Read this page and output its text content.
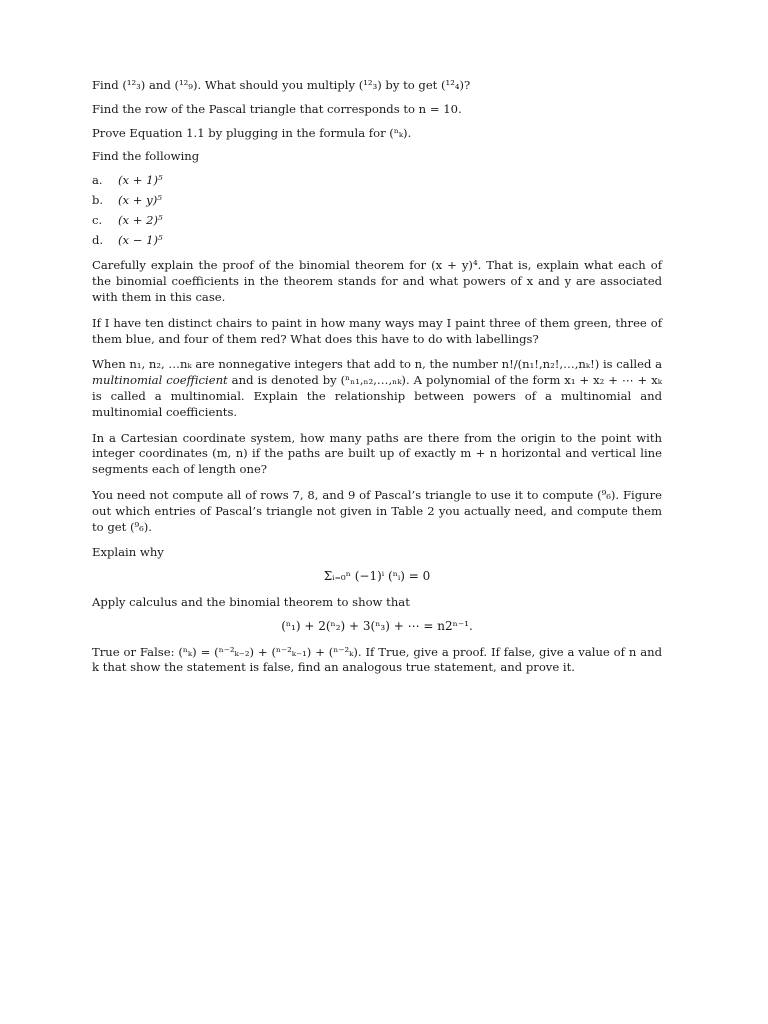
Find (¹²₃) and (¹²₉). What should you multiply (¹²₃) by to get (¹²₄)?

Find the row of the Pascal triangle that corresponds to n = 10.

Prove Equation 1.1 by plugging in the formula for (ⁿₖ).

Find the following

a. (x + 1)⁵
b. (x + y)⁵
c. (x + 2)⁵
d. (x − 1)⁵

Carefully explain the proof of the binomial theorem for (x + y)⁴. That is, explain what each of the binomial coefficients in the theorem stands for and what powers of x and y are associated with them in this case.

If I have ten distinct chairs to paint in how many ways may I paint three of them green, three of them blue, and four of them red? What does this have to do with labellings?

When n₁, n₂, …nₖ are nonnegative integers that add to n, the number n!/(n₁!,n₂!,…,nₖ!) is called a multinomial coefficient and is denoted by (ⁿₙ₁,ₙ₂,…,ₙₖ). A polynomial of the form x₁ + x₂ + ⋯ + xₖ is called a multinomial. Explain the relationship between powers of a multinomial and multinomial coefficients.

In a Cartesian coordinate system, how many paths are there from the origin to the point with integer coordinates (m, n) if the paths are built up of exactly m + n horizontal and vertical line segments each of length one?

You need not compute all of rows 7, 8, and 9 of Pascal’s triangle to use it to compute (⁹₆). Figure out which entries of Pascal’s triangle not given in Table 2 you actually need, and compute them to get (⁹₆).

Explain why

Σᵢ₌₀ⁿ (−1)ⁱ (ⁿᵢ) = 0

Apply calculus and the binomial theorem to show that

(ⁿ₁) + 2(ⁿ₂) + 3(ⁿ₃) + ⋯ = n2ⁿ⁻¹.

True or False: (ⁿₖ) = (ⁿ⁻²ₖ₋₂) + (ⁿ⁻²ₖ₋₁) + (ⁿ⁻²ₖ). If True, give a proof. If false, give a value of n and k that show the statement is false, find an analogous true statement, and prove it.
